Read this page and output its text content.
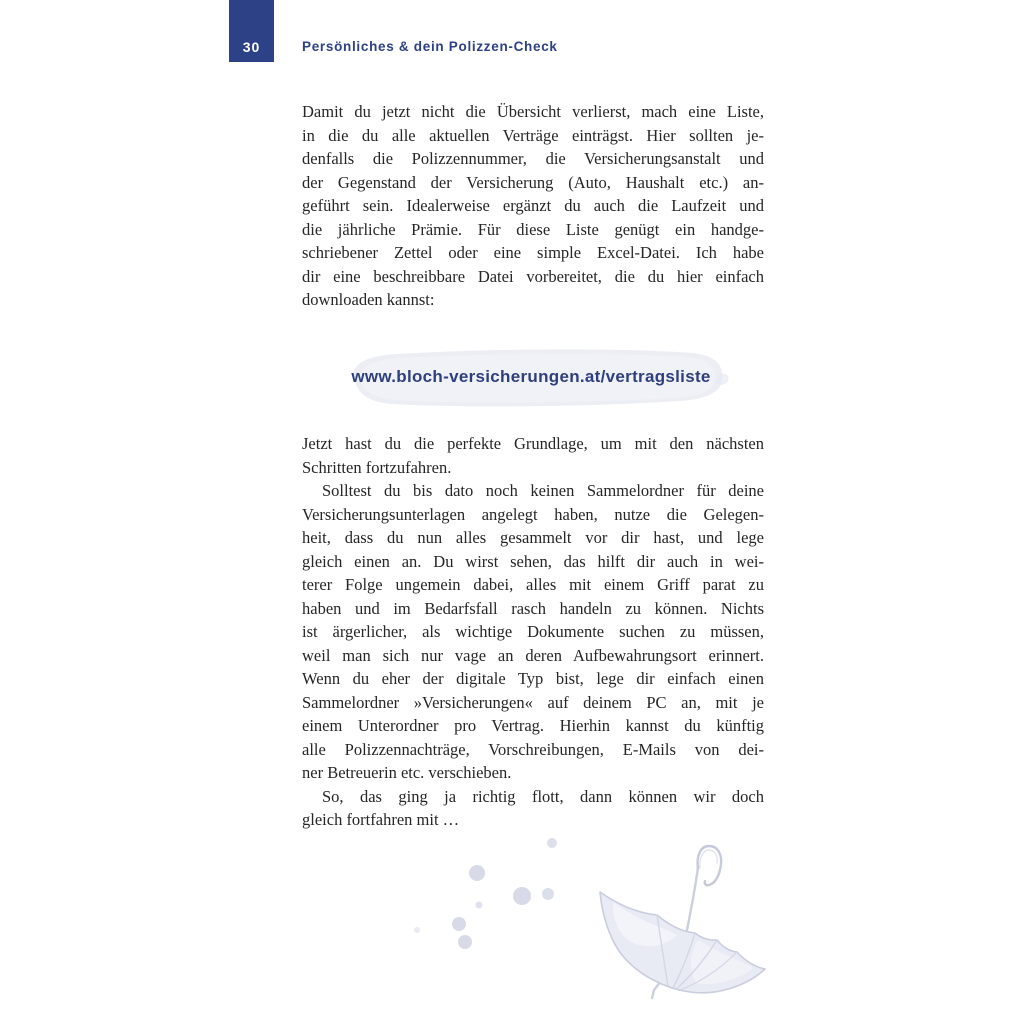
30	Persönliches & dein Polizzen-Check
Damit du jetzt nicht die Übersicht verlierst, mach eine Liste,
in die du alle aktuellen Verträge einträgst. Hier sollten je-
denfalls die Polizzennummer, die Versicherungsanstalt und
der Gegenstand der Versicherung (Auto, Haushalt etc.) an-
geführt sein. Idealerweise ergänzt du auch die Laufzeit und
die jährliche Prämie. Für diese Liste genügt ein handge-
schriebener Zettel oder eine simple Excel-Datei. Ich habe
dir eine beschreibbare Datei vorbereitet, die du hier einfach
downloaden kannst:
www.bloch-versicherungen.at/vertragsliste
Jetzt hast du die perfekte Grundlage, um mit den nächsten
Schritten fortzufahren.
Solltest du bis dato noch keinen Sammelordner für deine
Versicherungsunterlagen angelegt haben, nutze die Gelegen-
heit, dass du nun alles gesammelt vor dir hast, und lege
gleich einen an. Du wirst sehen, das hilft dir auch in wei-
terer Folge ungemein dabei, alles mit einem Griff parat zu
haben und im Bedarfsfall rasch handeln zu können. Nichts
ist ärgerlicher, als wichtige Dokumente suchen zu müssen,
weil man sich nur vage an deren Aufbewahrungsort erinnert.
Wenn du eher der digitale Typ bist, lege dir einfach einen
Sammelordner »Versicherungen« auf deinem PC an, mit je
einem Unterordner pro Vertrag. Hierhin kannst du künftig
alle Polizzennachträge, Vorschreibungen, E-Mails von dei-
ner Betreuerin etc. verschieben.
So, das ging ja richtig flott, dann können wir doch
gleich fortfahren mit …
